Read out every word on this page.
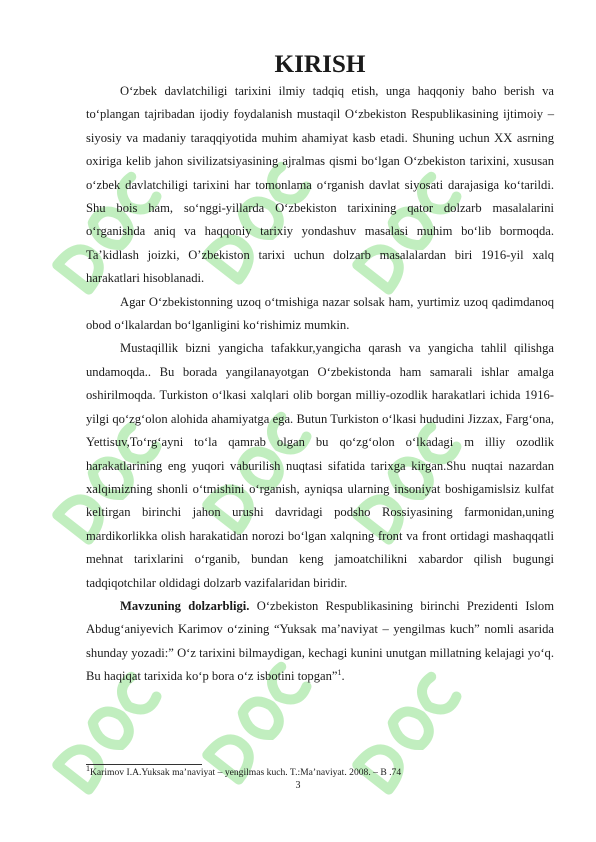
KIRISH

O‘zbek davlatchiligi tarixini ilmiy tadqiq etish, unga haqqoniy baho berish va to‘plangan tajribadan ijodiy foydalanish mustaqil O‘zbekiston Respublikasining ijtimoiy – siyosiy va madaniy taraqqiyotida muhim ahamiyat kasb etadi. Shuning uchun XX asrning oxiriga kelib jahon sivilizatsiyasining ajralmas qismi bo‘lgan O‘zbekiston tarixini, xususan o‘zbek davlatchiligi tarixini har tomonlama o‘rganish davlat siyosati darajasiga ko‘tarildi. Shu bois ham, so‘nggi-yillarda O‘zbekiston tarixining qator dolzarb masalalarini o‘rganishda aniq va haqqoniy tarixiy yondashuv masalasi muhim bo‘lib bormoqda. Ta’kidlash joizki, O’zbekiston tarixi uchun dolzarb masalalardan biri 1916-yil xalq harakatlari hisoblanadi.

Agar O‘zbekistonning uzoq o‘tmishiga nazar solsak ham, yurtimiz uzoq qadimdanoq obod o‘lkalardan bo‘lganligini ko‘rishimiz mumkin.

Mustaqillik bizni yangicha tafakkur,yangicha qarash va yangicha tahlil qilishga undamoqda.. Bu borada yangilanayotgan O‘zbekistonda ham samarali ishlar amalga oshirilmoqda. Turkiston o‘lkasi xalqlari olib borgan milliy-ozodlik harakatlari ichida 1916-yilgi qo‘zg‘olon alohida ahamiyatga ega. Butun Turkiston o‘lkasi hududini Jizzax, Farg‘ona, Yettisuv,To‘rg‘ayni to‘la qamrab olgan bu qo‘zg‘olon o‘lkadagi m illiy ozodlik harakatlarining eng yuqori vaburilish nuqtasi sifatida tarixga kirgan.Shu nuqtai nazardan xalqimizning shonli o‘tmishini o‘rganish, ayniqsa ularning insoniyat boshigamislsiz kulfat keltirgan birinchi jahon urushi davridagi podsho Rossiyasining farmonidan,uning mardikorlikka olish harakatidan norozi bo‘lgan xalqning front va front ortidagi mashaqqatli mehnat tarixlarini o‘rganib, bundan keng jamoatchilikni xabardor qilish bugungi tadqiqotchilar oldidagi dolzarb vazifalaridan biridir.

Mavzuning dolzarbligi. O‘zbekiston Respublikasining birinchi Prezidenti Islom Abdug‘aniyevich Karimov o‘zining “Yuksak ma’naviyat – yengilmas kuch” nomli asarida shunday yozadi:” O‘z tarixini bilmaydigan, kechagi kunini unutgan millatning kelajagi yo‘q. Bu haqiqat tarixida ko‘p bora o‘z isbotini topgan”$^1$.

$^1$Karimov I.A.Yuksak ma’naviyat – yengilmas kuch. T.:Ma’naviyat. 2008. – B .74
3
